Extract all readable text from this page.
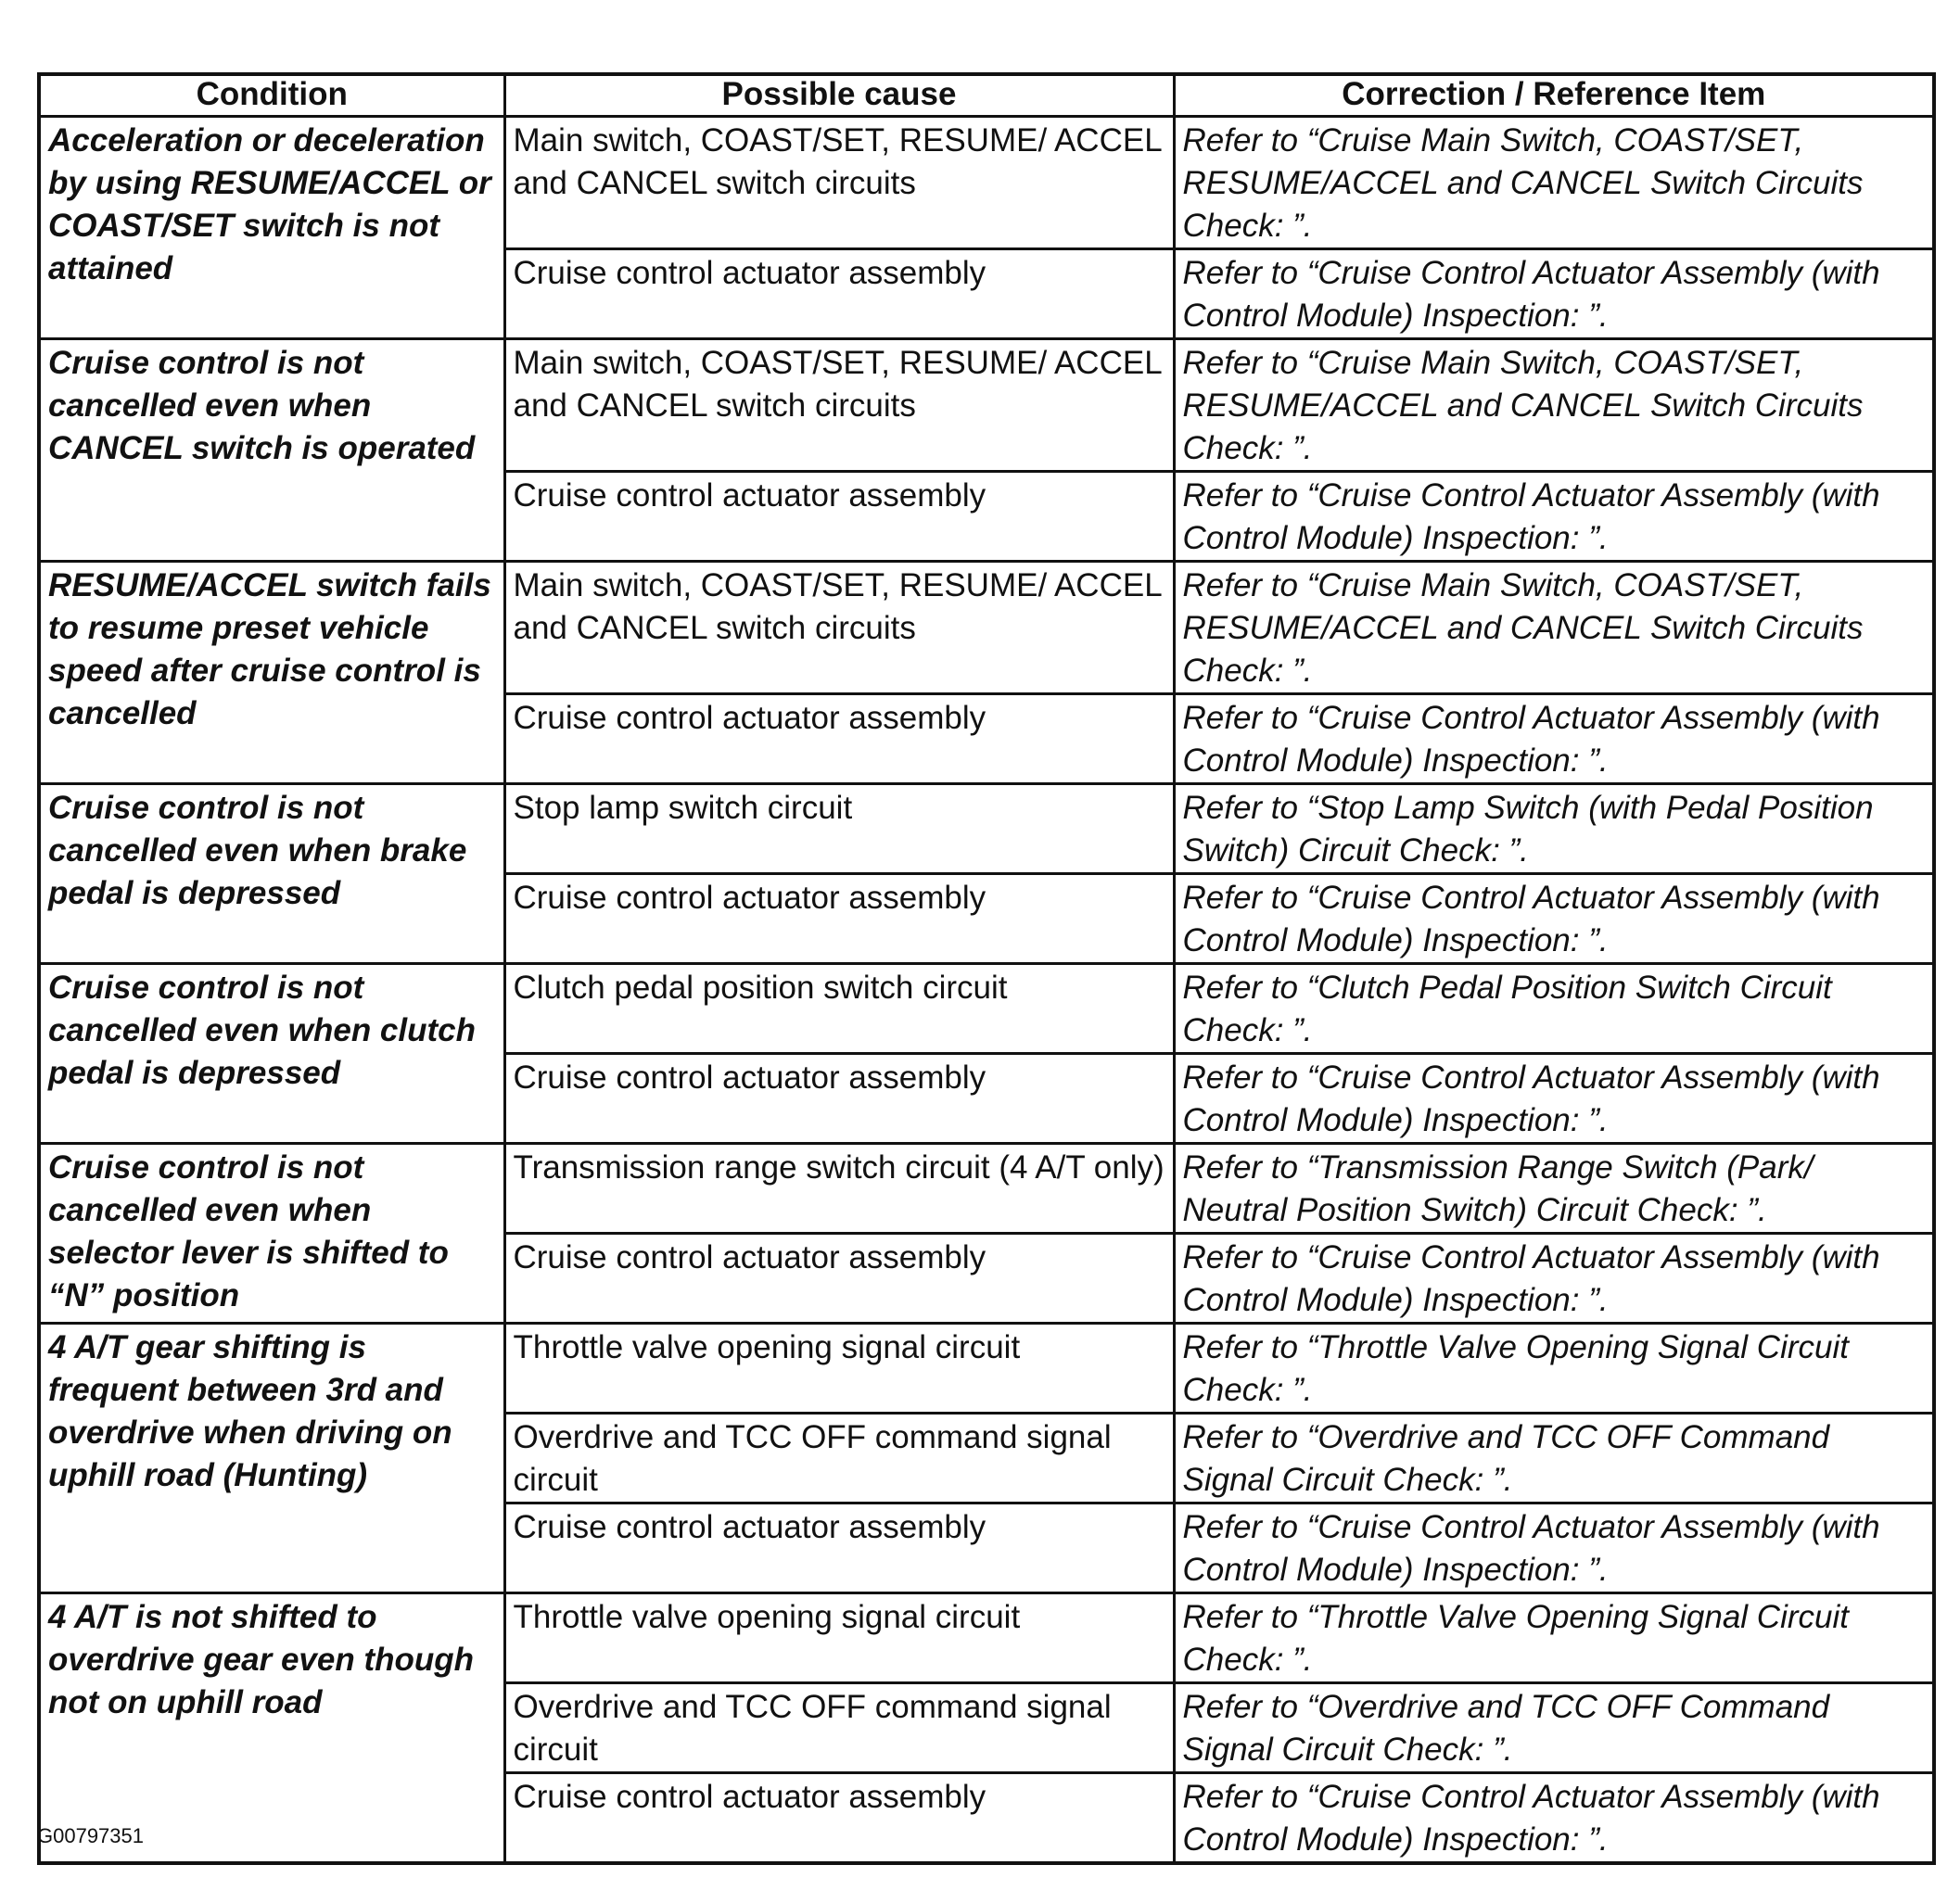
Condition	Possible cause	Correction / Reference Item
Acceleration or deceleration by using RESUME/ACCEL or COAST/SET switch is not attained	Main switch, COAST/SET, RESUME/ ACCEL and CANCEL switch circuits	Refer to “Cruise Main Switch, COAST/SET, RESUME/ACCEL and CANCEL Switch Circuits Check: ”.
	Cruise control actuator assembly	Refer to “Cruise Control Actuator Assembly (with Control Module) Inspection: ”.
Cruise control is not cancelled even when CANCEL switch is operated	Main switch, COAST/SET, RESUME/ ACCEL and CANCEL switch circuits	Refer to “Cruise Main Switch, COAST/SET, RESUME/ACCEL and CANCEL Switch Circuits Check: ”.
	Cruise control actuator assembly	Refer to “Cruise Control Actuator Assembly (with Control Module) Inspection: ”.
RESUME/ACCEL switch fails to resume preset vehicle speed after cruise control is cancelled	Main switch, COAST/SET, RESUME/ ACCEL and CANCEL switch circuits	Refer to “Cruise Main Switch, COAST/SET, RESUME/ACCEL and CANCEL Switch Circuits Check: ”.
	Cruise control actuator assembly	Refer to “Cruise Control Actuator Assembly (with Control Module) Inspection: ”.
Cruise control is not cancelled even when brake pedal is depressed	Stop lamp switch circuit	Refer to “Stop Lamp Switch (with Pedal Position Switch) Circuit Check: ”.
	Cruise control actuator assembly	Refer to “Cruise Control Actuator Assembly (with Control Module) Inspection: ”.
Cruise control is not cancelled even when clutch pedal is depressed	Clutch pedal position switch circuit	Refer to “Clutch Pedal Position Switch Circuit Check: ”.
	Cruise control actuator assembly	Refer to “Cruise Control Actuator Assembly (with Control Module) Inspection: ”.
Cruise control is not cancelled even when selector lever is shifted to “N” position	Transmission range switch circuit (4 A/T only)	Refer to “Transmission Range Switch (Park/ Neutral Position Switch) Circuit Check: ”.
	Cruise control actuator assembly	Refer to “Cruise Control Actuator Assembly (with Control Module) Inspection: ”.
4 A/T gear shifting is frequent between 3rd and overdrive when driving on uphill road (Hunting)	Throttle valve opening signal circuit	Refer to “Throttle Valve Opening Signal Circuit Check: ”.
	Overdrive and TCC OFF command signal circuit	Refer to “Overdrive and TCC OFF Command Signal Circuit Check: ”.
	Cruise control actuator assembly	Refer to “Cruise Control Actuator Assembly (with Control Module) Inspection: ”.
4 A/T is not shifted to overdrive gear even though not on uphill road	Throttle valve opening signal circuit	Refer to “Throttle Valve Opening Signal Circuit Check: ”.
	Overdrive and TCC OFF command signal circuit	Refer to “Overdrive and TCC OFF Command Signal Circuit Check: ”.
	Cruise control actuator assembly	Refer to “Cruise Control Actuator Assembly (with Control Module) Inspection: ”.
G00797351
